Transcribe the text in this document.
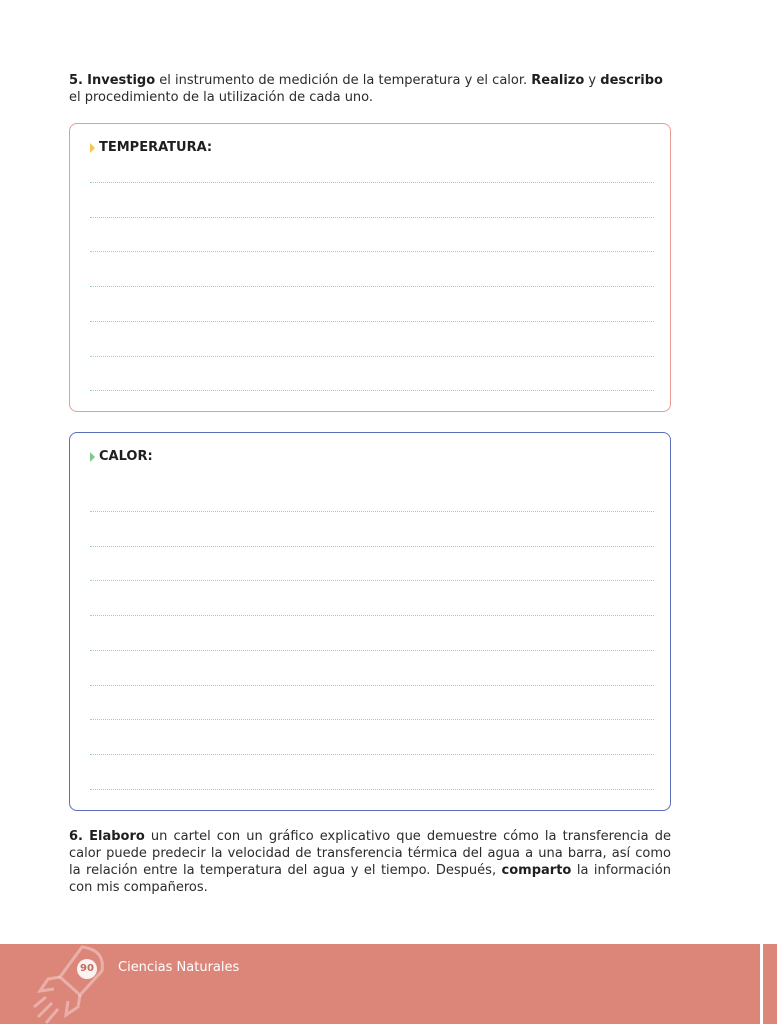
5. Investigo el instrumento de medición de la temperatura y el calor. Realizo y describo el procedimiento de la utilización de cada uno.

TEMPERATURA:
CALOR:

6. Elaboro un cartel con un gráfico explicativo que demuestre cómo la transferencia de calor puede predecir la velocidad de transferencia térmica del agua a una barra, así como la relación entre la temperatura del agua y el tiempo. Después, comparto la información con mis compañeros.

90 Ciencias Naturales
